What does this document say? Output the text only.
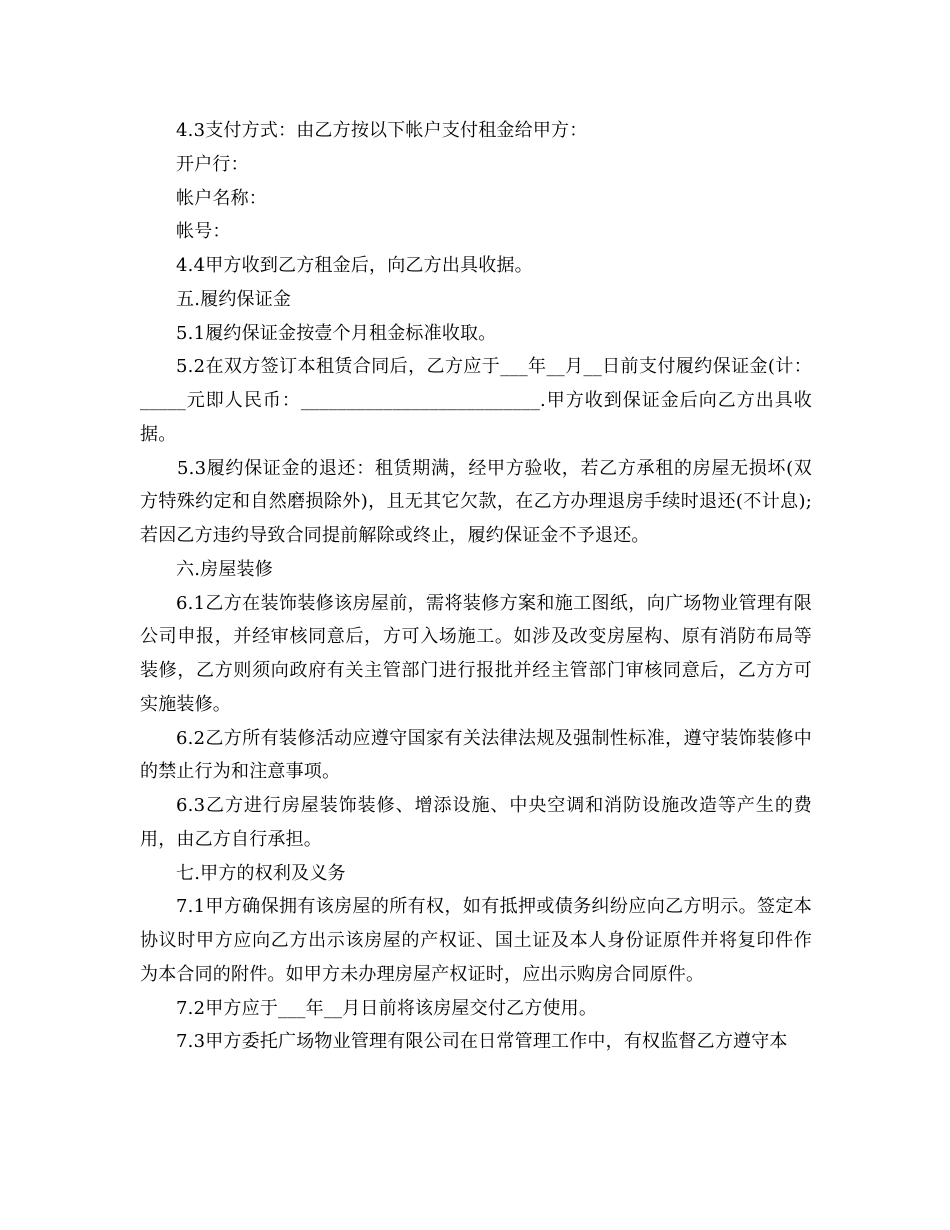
4.3支付方式：由乙方按以下帐户支付租金给甲方：

开户行：

帐户名称：

帐号：

4.4甲方收到乙方租金后，向乙方出具收据。

五.履约保证金

5.1履约保证金按壹个月租金标准收取。

5.2在双方签订本租赁合同后，乙方应于___年__月__日前支付履约保证金(计：_____元即人民币：__________________________.甲方收到保证金后向乙方出具收据。

5.3履约保证金的退还：租赁期满，经甲方验收，若乙方承租的房屋无损坏(双方特殊约定和自然磨损除外)，且无其它欠款，在乙方办理退房手续时退还(不计息);若因乙方违约导致合同提前解除或终止，履约保证金不予退还。

六.房屋装修

6.1乙方在装饰装修该房屋前，需将装修方案和施工图纸，向广场物业管理有限公司申报，并经审核同意后，方可入场施工。如涉及改变房屋构、原有消防布局等装修，乙方则须向政府有关主管部门进行报批并经主管部门审核同意后，乙方方可实施装修。

6.2乙方所有装修活动应遵守国家有关法律法规及强制性标准，遵守装饰装修中的禁止行为和注意事项。

6.3乙方进行房屋装饰装修、增添设施、中央空调和消防设施改造等产生的费用，由乙方自行承担。

七.甲方的权利及义务

7.1甲方确保拥有该房屋的所有权，如有抵押或债务纠纷应向乙方明示。签定本协议时甲方应向乙方出示该房屋的产权证、国土证及本人身份证原件并将复印件作为本合同的附件。如甲方未办理房屋产权证时，应出示购房合同原件。

7.2甲方应于___年__月日前将该房屋交付乙方使用。

7.3甲方委托广场物业管理有限公司在日常管理工作中，有权监督乙方遵守本
